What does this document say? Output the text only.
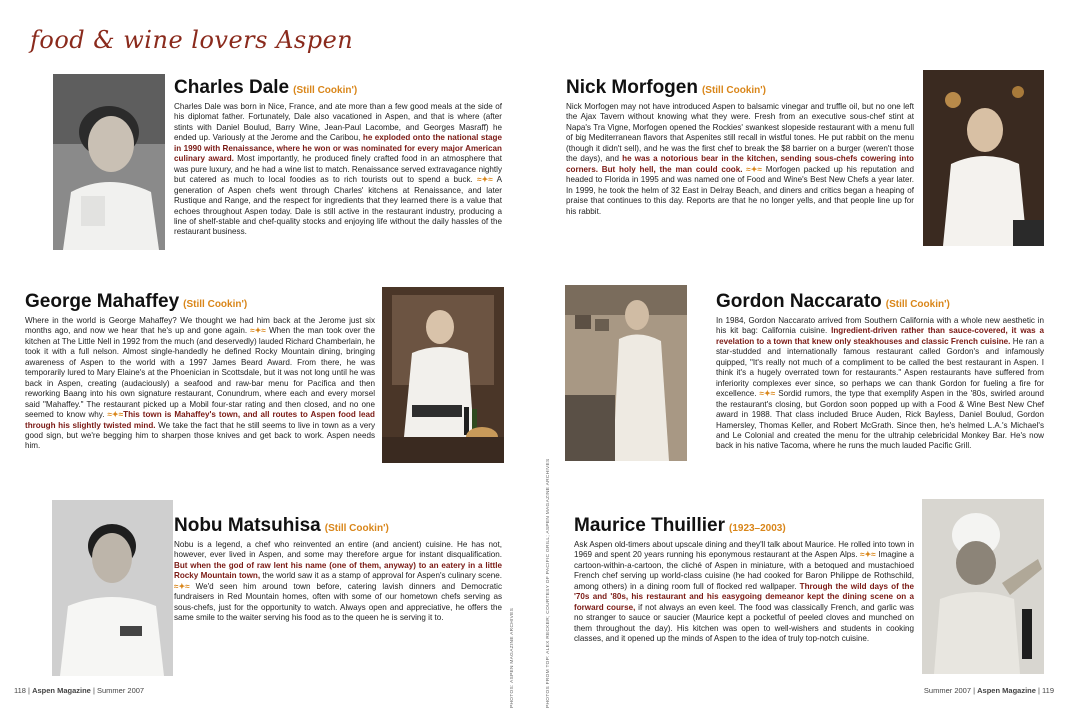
food & wine lovers Aspen
Charles Dale (Still Cookin')

Charles Dale was born in Nice, France, and ate more than a few good meals at the side of his diplomat father. Fortunately, Dale also vacationed in Aspen, and that is where (after stints with Daniel Boulud, Barry Wine, Jean-Paul Lacombe, and Georges Masraff) he ended up. Variously at the Jerome and the Caribou, he exploded onto the national stage in 1990 with Renaissance, where he won or was nominated for every major American culinary award. Most importantly, he produced finely crafted food in an atmosphere that was pure luxury, and he had a wine list to match. Renaissance served extravagance nightly but catered as much to local foodies as to rich tourists out to spend a buck. ≈✦≈ A generation of Aspen chefs went through Charles' kitchens at Renaissance, and later Rustique and Range, and the respect for ingredients that they learned there is a value that echoes throughout Aspen today. Dale is still active in the restaurant industry, producing a line of shelf-stable and chef-quality stocks and enjoying life without the daily hassles of the restaurant business.

Nick Morfogen (Still Cookin')

Nick Morfogen may not have introduced Aspen to balsamic vinegar and truffle oil, but no one left the Ajax Tavern without knowing what they were. Fresh from an executive sous-chef stint at Napa's Tra Vigne, Morfogen opened the Rockies' swankest slopeside restaurant with a menu full of big Mediterranean flavors that Aspenites still recall in wistful tones. He put rabbit on the menu (though it didn't sell), and he was the first chef to break the $8 barrier on a burger (weren't those the days), and he was a notorious bear in the kitchen, sending sous-chefs cowering into corners. But holy hell, the man could cook. ≈✦≈ Morfogen packed up his reputation and headed to Florida in 1995 and was named one of Food and Wine's Best New Chefs a year later. In 1999, he took the helm of 32 East in Delray Beach, and diners and critics began a heaping of praise that continues to this day. Reports are that he no longer yells, and that people line up for his rabbit.

George Mahaffey (Still Cookin')

Where in the world is George Mahaffey? We thought we had him back at the Jerome just six months ago, and now we hear that he's up and gone again. ≈✦≈ When the man took over the kitchen at The Little Nell in 1992 from the much (and deservedly) lauded Richard Chamberlain, he took it with a full nelson. Almost single-handedly he defined Rocky Mountain dining, bringing awareness of Aspen to the world with a 1997 James Beard Award. From there, he was temporarily lured to Mary Elaine's at the Phoenician in Scottsdale, but it was not long until he was back in Aspen, creating (audaciously) a seafood and raw-bar menu for Pacifica and then reworking Baang into his own signature restaurant, Conundrum, where each and every morsel said "Mahaffey." The restaurant picked up a Mobil four-star rating and then closed, and no one seemed to know why. ≈✦≈This town is Mahaffey's town, and all routes to Aspen food lead through his slightly twisted mind. We take the fact that he still seems to live in town as a very good sign, but we're begging him to sharpen those knives and get back to work. Aspen needs him.

Gordon Naccarato (Still Cookin')

In 1984, Gordon Naccarato arrived from Southern California with a whole new aesthetic in his kit bag: California cuisine. Ingredient-driven rather than sauce-covered, it was a revelation to a town that knew only steakhouses and classic French cuisine. He ran a star-studded and internationally famous restaurant called Gordon's and infamously quipped, "It's really not much of a compliment to be called the best restaurant in Aspen. I think it's a hugely overrated town for restaurants." Aspen restaurants have suffered from inferiority complexes ever since, so perhaps we can thank Gordon for fueling a fire for excellence. ≈✦≈ Sordid rumors, the type that exemplify Aspen in the '80s, swirled around the restaurant's closing, but Gordon soon popped up with a Food & Wine Best New Chef award in 1988. That class included Bruce Auden, Rick Bayless, Daniel Boulud, Gordon Hamersley, Thomas Keller, and Robert McGrath. Since then, he's helmed L.A.'s Michael's and Le Colonial and created the menu for the ultrahip celebricidal Monkey Bar. He's now back in his native Tacoma, where he runs the much lauded Pacific Grill.

Nobu Matsuhisa (Still Cookin')

Nobu is a legend, a chef who reinvented an entire (and ancient) cuisine. He has not, however, ever lived in Aspen, and some may therefore argue for instant disqualification. But when the god of raw lent his name (one of them, anyway) to an eatery in a little Rocky Mountain town, the world saw it as a stamp of approval for Aspen's culinary scene. ≈✦≈ We'd seen him around town before, catering lavish dinners and Democratic fundraisers in Red Mountain homes, often with some of our hometown chefs serving as sous-chefs, just for the opportunity to watch. Always open and appreciative, he offers the same smile to the waiter serving his food as to the queen he is serving it to.

Maurice Thuillier (1923–2003)

Ask Aspen old-timers about upscale dining and they'll talk about Maurice. He rolled into town in 1969 and spent 20 years running his eponymous restaurant at the Aspen Alps. ≈✦≈ Imagine a cartoon-within-a-cartoon, the cliché of Aspen in miniature, with a betoqued and mustachioed French chef serving up world-class cuisine (he had cooked for Baron Philippe de Rothschild, among others) in a dining room full of flocked red wallpaper. Through the wild days of the '70s and '80s, his restaurant and his easygoing demeanor kept the dining scene on a forward course, if not always an even keel. The food was classically French, and garlic was no stranger to sauce or saucier (Maurice kept a pocketful of peeled cloves and munched on them throughout the day). His kitchen was open to well-wishers and students in cooking classes, and it opened up the minds of Aspen to the idea of truly top-notch cuisine.

PHOTOS: ASPEN MAGAZINE ARCHIVES	PHOTOS FROM TOP: ALEX RECKER; COURTESY OF PACIFIC GRILL; ASPEN MAGAZINE ARCHIVES
118 | Aspen Magazine | Summer 2007	Summer 2007 | Aspen Magazine | 119
